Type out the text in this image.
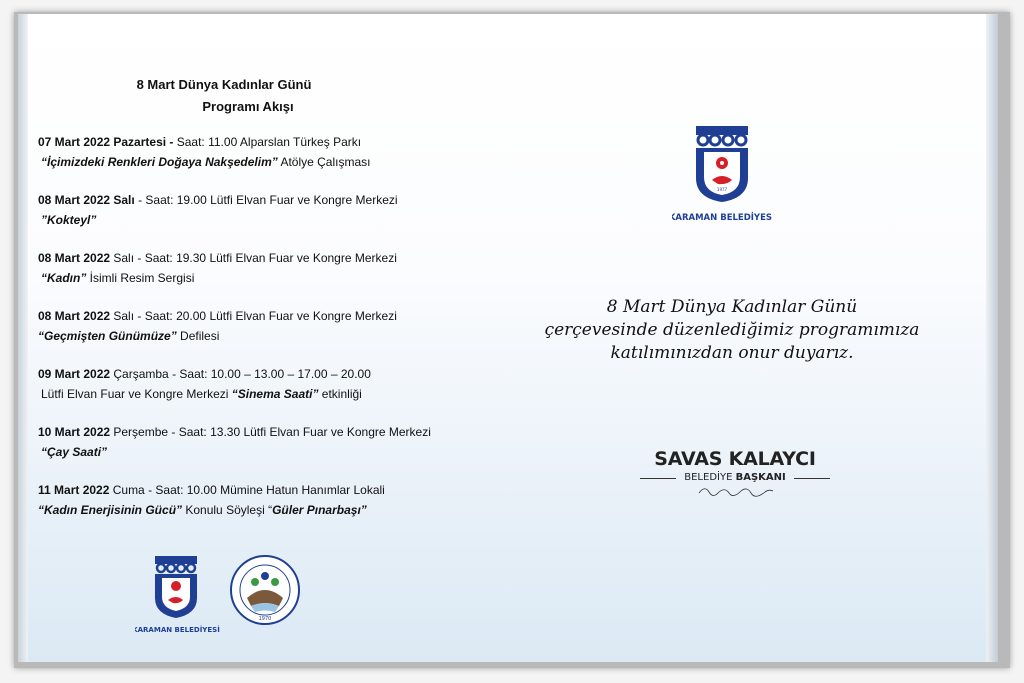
8 Mart Dünya Kadınlar Günü
Programı Akışı
07 Mart 2022 Pazartesi - Saat: 11.00 Alparslan Türkeş Parkı
“İçimizdeki Renkleri Doğaya Nakşedelim” Atölye Çalışması
08 Mart 2022 Salı - Saat: 19.00 Lütfi Elvan Fuar ve Kongre Merkezi
”Kokteyl”
08 Mart 2022 Salı - Saat: 19.30 Lütfi Elvan Fuar ve Kongre Merkezi
“Kadın” İsimli Resim Sergisi
08 Mart 2022 Salı - Saat: 20.00 Lütfi Elvan Fuar ve Kongre Merkezi
“Geçmişten Günümüze” Defilesi
09 Mart 2022 Çarşamba - Saat: 10.00 – 13.00 – 17.00 – 20.00
Lütfi Elvan Fuar ve Kongre Merkezi “Sinema Saati” etkinliği
10 Mart 2022 Perşembe - Saat: 13.30 Lütfi Elvan Fuar ve Kongre Merkezi
“Çay Saati”
11 Mart 2022 Cuma - Saat: 10.00 Mümine Hatun Hanımlar Lokali
“Kadın Enerjisinin Gücü” Konulu Söyleşi “Güler Pınarbaşı”
KARAMAN BELEDİYESİ
1970
1977
KARAMAN BELEDİYESİ
8 Mart Dünya Kadınlar Günü
çerçevesinde düzenlediğimiz programımıza
katılımınızdan onur duyarız.
SAVAS KALAYCI
BELEDİYE BAŞKANI
